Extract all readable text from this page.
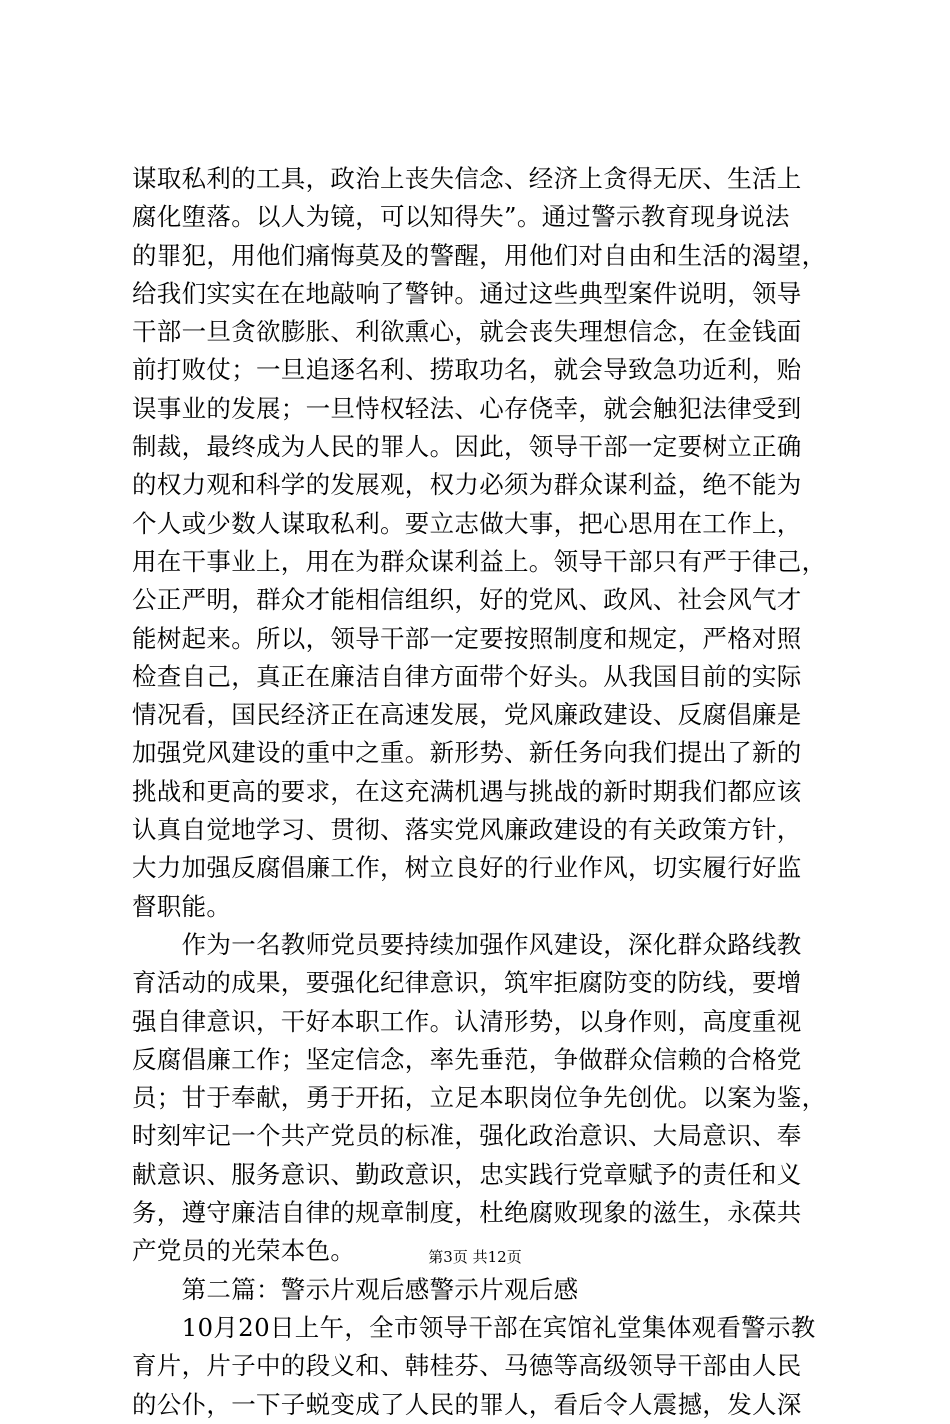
谋取私利的工具，政治上丧失信念、经济上贪得无厌、生活上
腐化堕落。以人为镜，可以知得失”。通过警示教育现身说法
的罪犯，用他们痛悔莫及的警醒，用他们对自由和生活的渴望，
给我们实实在在地敲响了警钟。通过这些典型案件说明，领导
干部一旦贪欲膨胀、利欲熏心，就会丧失理想信念，在金钱面
前打败仗；一旦追逐名利、捞取功名，就会导致急功近利，贻
误事业的发展；一旦恃权轻法、心存侥幸，就会触犯法律受到
制裁，最终成为人民的罪人。因此，领导干部一定要树立正确
的权力观和科学的发展观，权力必须为群众谋利益，绝不能为
个人或少数人谋取私利。要立志做大事，把心思用在工作上，
用在干事业上，用在为群众谋利益上。领导干部只有严于律己，
公正严明，群众才能相信组织，好的党风、政风、社会风气才
能树起来。所以，领导干部一定要按照制度和规定，严格对照
检查自己，真正在廉洁自律方面带个好头。从我国目前的实际
情况看，国民经济正在高速发展，党风廉政建设、反腐倡廉是
加强党风建设的重中之重。新形势、新任务向我们提出了新的
挑战和更高的要求，在这充满机遇与挑战的新时期我们都应该
认真自觉地学习、贯彻、落实党风廉政建设的有关政策方针，
大力加强反腐倡廉工作，树立良好的行业作风，切实履行好监
督职能。
　　作为一名教师党员要持续加强作风建设，深化群众路线教
育活动的成果，要强化纪律意识，筑牢拒腐防变的防线，要增
强自律意识，干好本职工作。认清形势，以身作则，高度重视
反腐倡廉工作；坚定信念，率先垂范，争做群众信赖的合格党
员；甘于奉献，勇于开拓，立足本职岗位争先创优。以案为鉴，
时刻牢记一个共产党员的标准，强化政治意识、大局意识、奉
献意识、服务意识、勤政意识，忠实践行党章赋予的责任和义
务，遵守廉洁自律的规章制度，杜绝腐败现象的滋生，永葆共
产党员的光荣本色。
　　第二篇：警示片观后感警示片观后感
　　10月20日上午，全市领导干部在宾馆礼堂集体观看警示教
育片，片子中的段义和、韩桂芬、马德等高级领导干部由人民
的公仆，一下子蜕变成了人民的罪人，看后令人震撼，发人深
第3页 共12页
